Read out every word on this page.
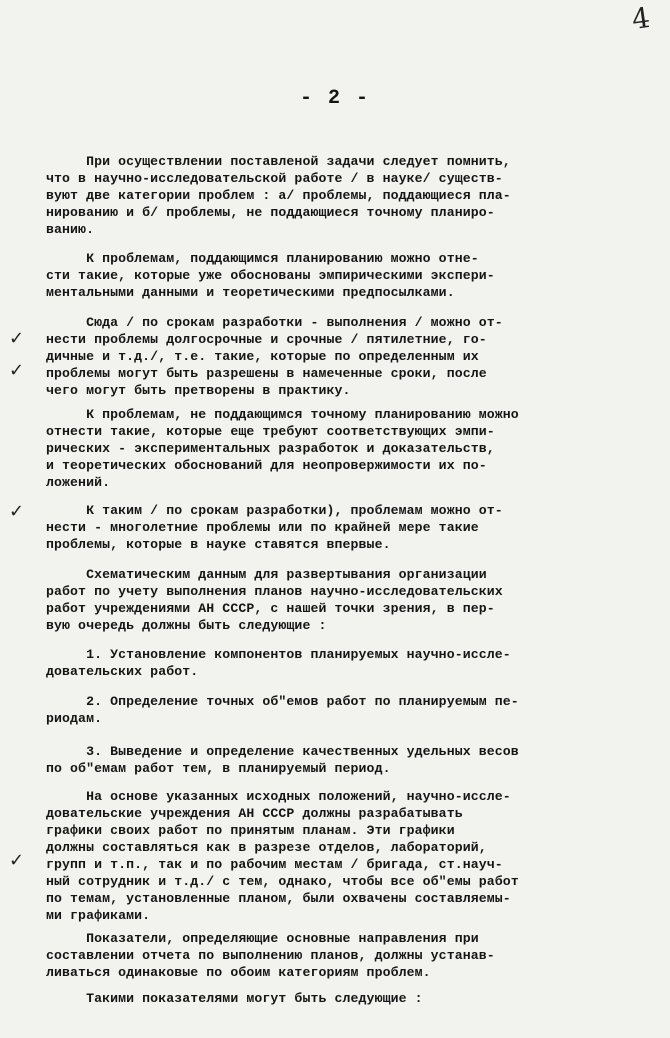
4
- 2 -

При осуществлении поставленой задачи следует помнить,
что в научно-исследовательской работе / в науке/ существ-
вуют две категории проблем : а/ проблемы, поддающиеся пла-
нированию и б/ проблемы, не поддающиеся точному планиро-
ванию.

К проблемам, поддающимся планированию можно отне-
сти такие, которые уже обоснованы эмпирическими экспери-
ментальными данными и теоретическими предпосылками.

✓
✓

Сюда / по срокам разработки - выполнения / можно от-
нести проблемы долгосрочные и срочные / пятилетние, го-
дичные и т.д./, т.е. такие, которые по определенным их
проблемы могут быть разрешены в намеченные сроки, после
чего могут быть претворены в практику.

К проблемам, не поддающимся точному планированию можно
отнести такие, которые еще требуют соответствующих эмпи-
рических - экспериментальных разработок и доказательств,
и теоретических обоснований для неопровержимости их по-
ложений.

✓	К таким / по срокам разработки), проблемам можно от-
нести - многолетние проблемы или по крайней мере такие
проблемы, которые в науке ставятся впервые.

Схематическим данным для развертывания организации
работ по учету выполнения планов научно-исследовательских
работ учреждениями АН СССР, с нашей точки зрения, в пер-
вую очередь должны быть следующие :

1. Установление компонентов планируемых научно-иссле-
довательских работ.

2. Определение точных об"емов работ по планируемым пе-
риодам.

3. Выведение и определение качественных удельных весов
по об"емам работ тем, в планируемый период.

✓

На основе указанных исходных положений, научно-иссле-
довательские учреждения АН СССР должны разрабатывать
графики своих работ по принятым планам. Эти графики
должны составляться как в разрезе отделов, лабораторий,
групп и т.п., так и по рабочим местам / бригада, ст.науч-
ный сотрудник и т.д./ с тем, однако, чтобы все об"емы работ
по темам, установленные планом, были охвачены составляемы-
ми графиками.

Показатели, определяющие основные направления при
составлении отчета по выполнению планов, должны устанав-
ливаться одинаковые по обоим категориям проблем.

Такими показателями могут быть следующие :
